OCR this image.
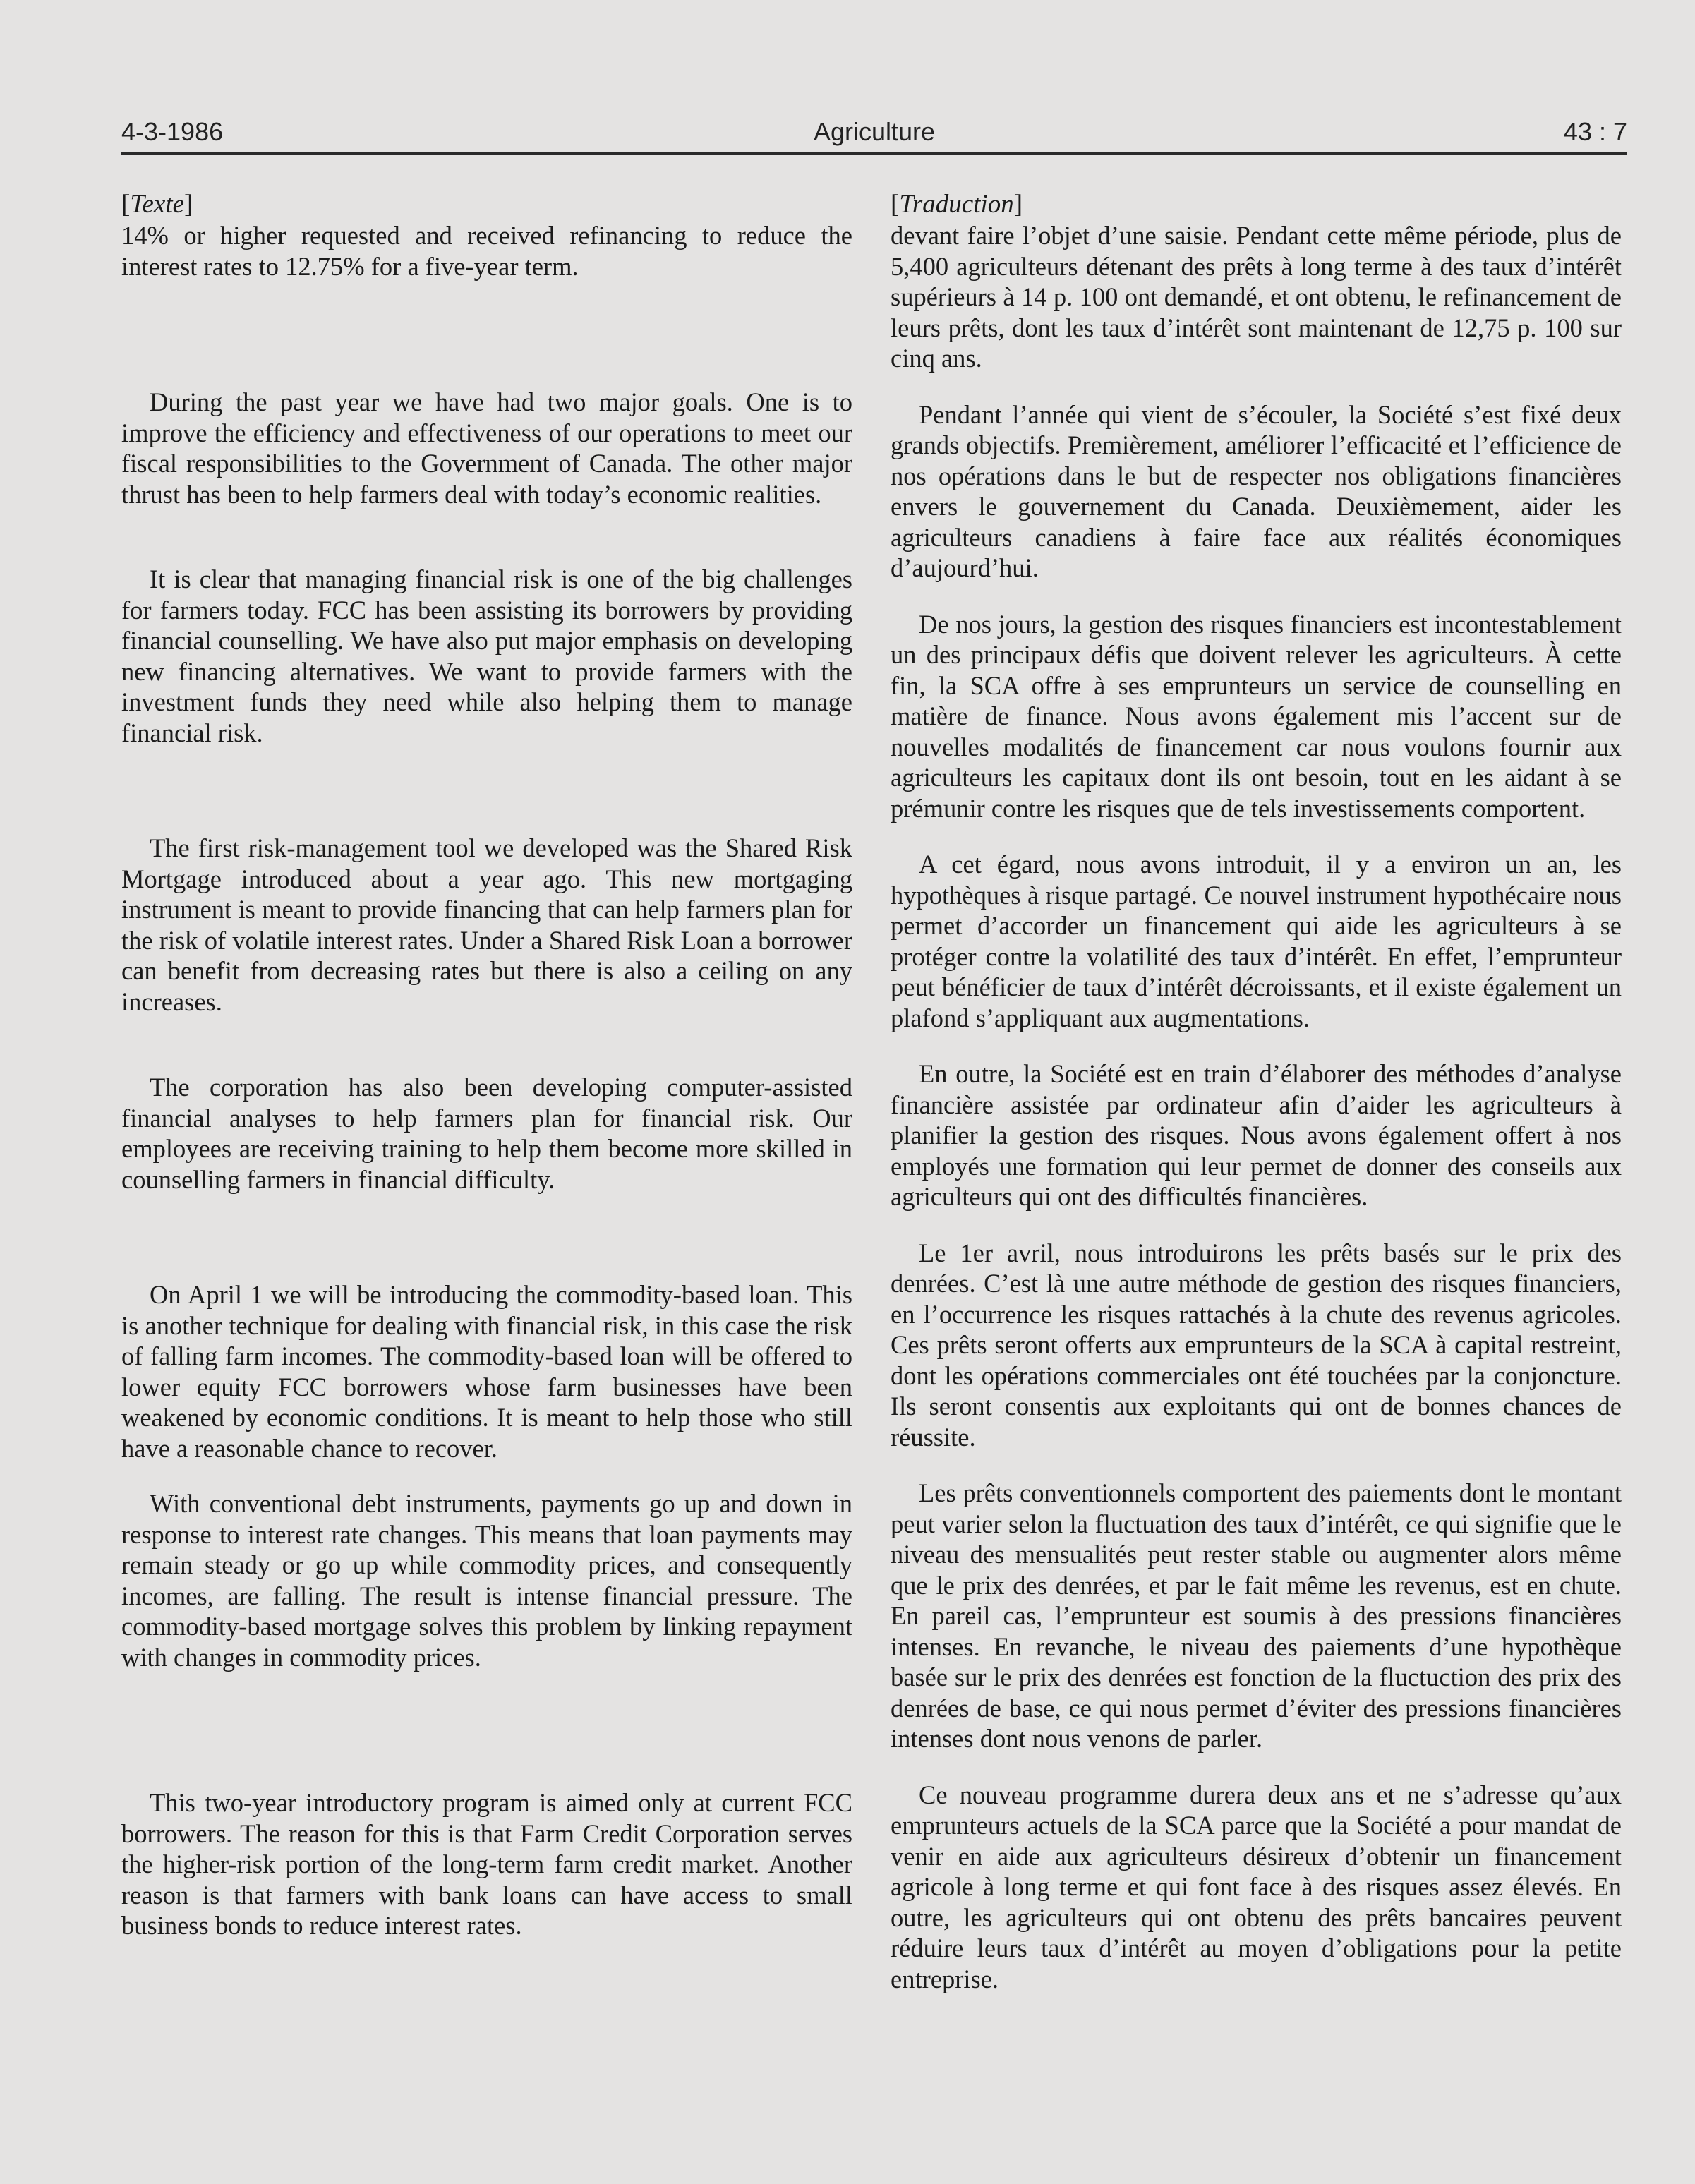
4-3-1986	Agriculture	43 : 7

[Texte]

14% or higher requested and received refinancing to reduce the interest rates to 12.75% for a five-year term.

During the past year we have had two major goals. One is to improve the efficiency and effectiveness of our operations to meet our fiscal responsibilities to the Government of Canada. The other major thrust has been to help farmers deal with today’s economic realities.

It is clear that managing financial risk is one of the big challenges for farmers today. FCC has been assisting its borrowers by providing financial counselling. We have also put major emphasis on developing new financing alternatives. We want to provide farmers with the investment funds they need while also helping them to manage financial risk.

The first risk-management tool we developed was the Shared Risk Mortgage introduced about a year ago. This new mortgaging instrument is meant to provide financing that can help farmers plan for the risk of volatile interest rates. Under a Shared Risk Loan a borrower can benefit from decreasing rates but there is also a ceiling on any increases.

The corporation has also been developing computer-assisted financial analyses to help farmers plan for financial risk. Our employees are receiving training to help them become more skilled in counselling farmers in financial difficulty.

On April 1 we will be introducing the commodity-based loan. This is another technique for dealing with financial risk, in this case the risk of falling farm incomes. The commodity-based loan will be offered to lower equity FCC borrowers whose farm businesses have been weakened by economic conditions. It is meant to help those who still have a reasonable chance to recover.

With conventional debt instruments, payments go up and down in response to interest rate changes. This means that loan payments may remain steady or go up while commodity prices, and consequently incomes, are falling. The result is intense financial pressure. The commodity-based mortgage solves this problem by linking repayment with changes in commodity prices.

This two-year introductory program is aimed only at current FCC borrowers. The reason for this is that Farm Credit Corporation serves the higher-risk portion of the long-term farm credit market. Another reason is that farmers with bank loans can have access to small business bonds to reduce interest rates.

[Traduction]

devant faire l’objet d’une saisie. Pendant cette même période, plus de 5,400 agriculteurs détenant des prêts à long terme à des taux d’intérêt supérieurs à 14 p. 100 ont demandé, et ont obtenu, le refinancement de leurs prêts, dont les taux d’intérêt sont maintenant de 12,75 p. 100 sur cinq ans.

Pendant l’année qui vient de s’écouler, la Société s’est fixé deux grands objectifs. Premièrement, améliorer l’efficacité et l’efficience de nos opérations dans le but de respecter nos obligations financières envers le gouvernement du Canada. Deuxièmement, aider les agriculteurs canadiens à faire face aux réalités économiques d’aujourd’hui.

De nos jours, la gestion des risques financiers est incontestablement un des principaux défis que doivent relever les agriculteurs. À cette fin, la SCA offre à ses emprunteurs un service de counselling en matière de finance. Nous avons également mis l’accent sur de nouvelles modalités de financement car nous voulons fournir aux agriculteurs les capitaux dont ils ont besoin, tout en les aidant à se prémunir contre les risques que de tels investissements comportent.

A cet égard, nous avons introduit, il y a environ un an, les hypothèques à risque partagé. Ce nouvel instrument hypothécaire nous permet d’accorder un financement qui aide les agriculteurs à se protéger contre la volatilité des taux d’intérêt. En effet, l’emprunteur peut bénéficier de taux d’intérêt décroissants, et il existe également un plafond s’appliquant aux augmentations.

En outre, la Société est en train d’élaborer des méthodes d’analyse financière assistée par ordinateur afin d’aider les agriculteurs à planifier la gestion des risques. Nous avons également offert à nos employés une formation qui leur permet de donner des conseils aux agriculteurs qui ont des difficultés financières.

Le 1er avril, nous introduirons les prêts basés sur le prix des denrées. C’est là une autre méthode de gestion des risques financiers, en l’occurrence les risques rattachés à la chute des revenus agricoles. Ces prêts seront offerts aux emprunteurs de la SCA à capital restreint, dont les opérations commerciales ont été touchées par la conjoncture. Ils seront consentis aux exploitants qui ont de bonnes chances de réussite.

Les prêts conventionnels comportent des paiements dont le montant peut varier selon la fluctuation des taux d’intérêt, ce qui signifie que le niveau des mensualités peut rester stable ou augmenter alors même que le prix des denrées, et par le fait même les revenus, est en chute. En pareil cas, l’emprunteur est soumis à des pressions financières intenses. En revanche, le niveau des paiements d’une hypothèque basée sur le prix des denrées est fonction de la fluctuction des prix des denrées de base, ce qui nous permet d’éviter des pressions financières intenses dont nous venons de parler.

Ce nouveau programme durera deux ans et ne s’adresse qu’aux emprunteurs actuels de la SCA parce que la Société a pour mandat de venir en aide aux agriculteurs désireux d’obtenir un financement agricole à long terme et qui font face à des risques assez élevés. En outre, les agriculteurs qui ont obtenu des prêts bancaires peuvent réduire leurs taux d’intérêt au moyen d’obligations pour la petite entreprise.
